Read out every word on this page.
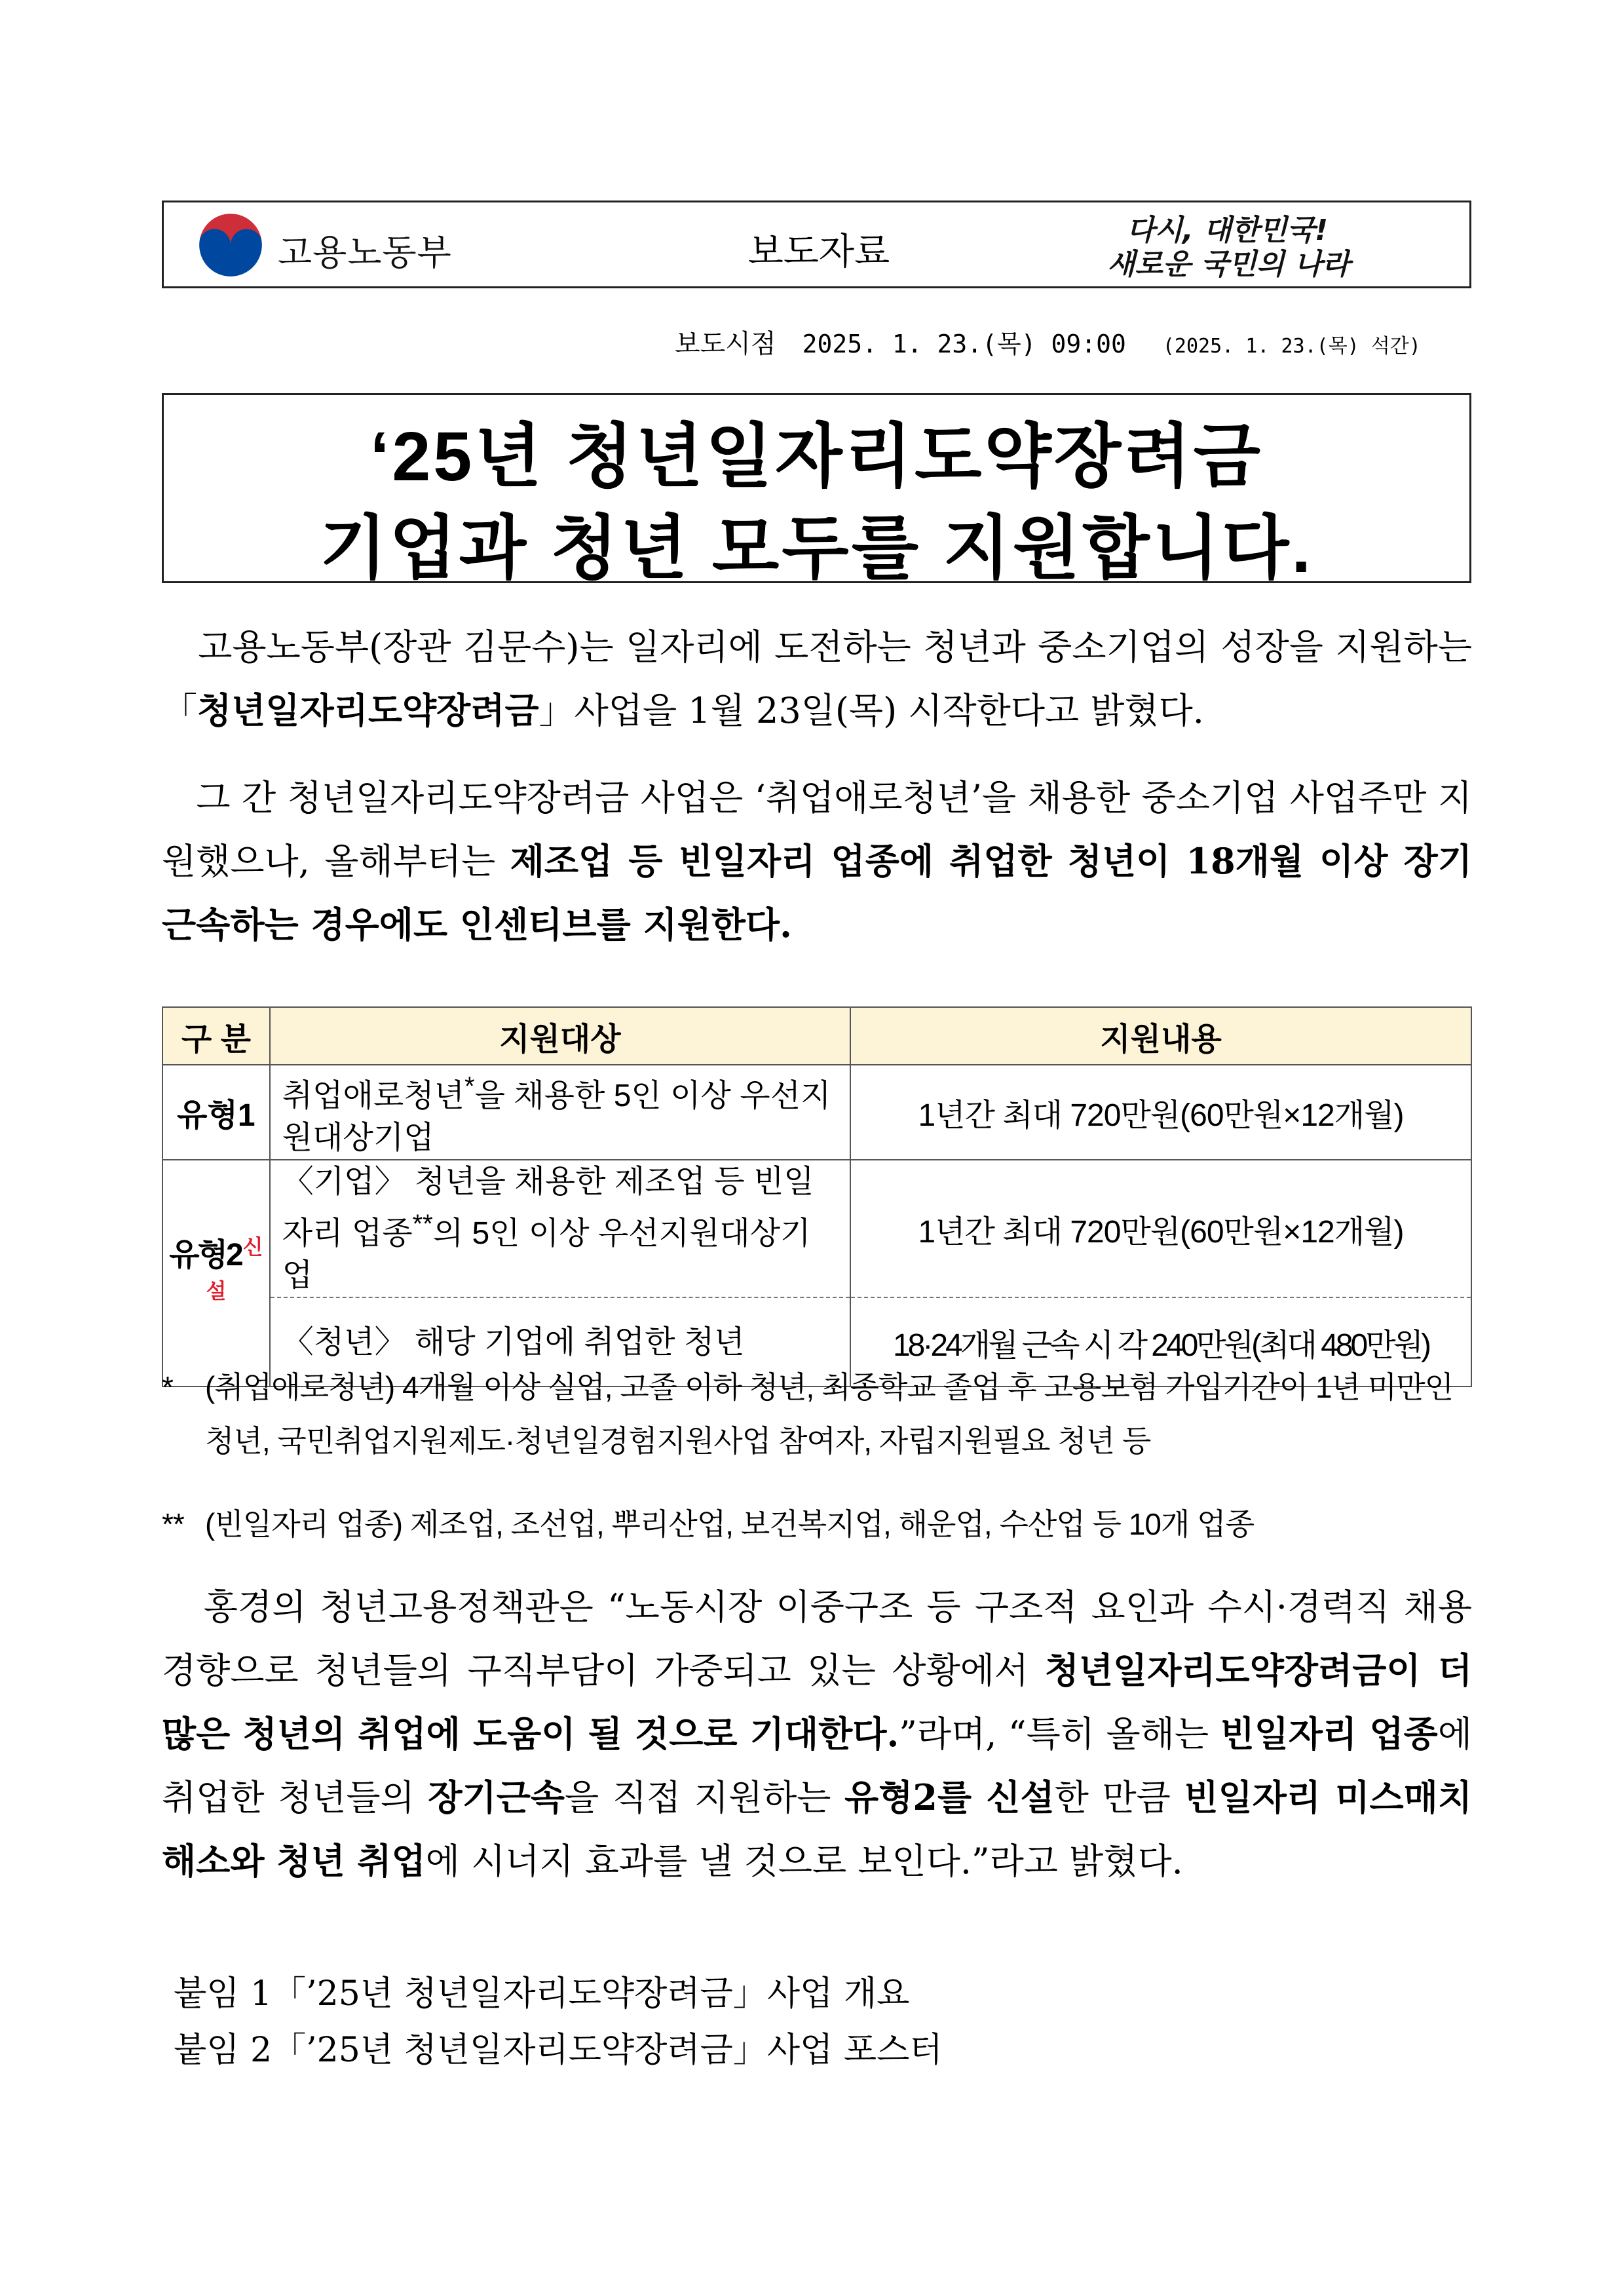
고용노동부	보도자료
다시, 대한민국!
새로운 국민의 나라
보도시점 2025. 1. 23.(목) 09:00 (2025. 1. 23.(목) 석간)
‘25년 청년일자리도약장려금
기업과 청년 모두를 지원합니다.
고용노동부(장관 김문수)는 일자리에 도전하는 청년과 중소기업의 성장을 지원하는「청년일자리도약장려금」사업을 1월 23일(목) 시작한다고 밝혔다.
그 간 청년일자리도약장려금 사업은 ‘취업애로청년’을 채용한 중소기업 사업주만 지원했으나, 올해부터는 제조업 등 빈일자리 업종에 취업한 청년이 18개월 이상 장기 근속하는 경우에도 인센티브를 지원한다.
구 분	지원대상	지원내용
유형1	취업애로청년*을 채용한 5인 이상 우선지원대상기업	1년간 최대 720만원(60만원×12개월)
유형$2^{신설}$	〈기업〉 청년을 채용한 제조업 등 빈일자리 업종**의 5인 이상 우선지원대상기업	1년간 최대 720만원(60만원×12개월)
	〈청년〉 해당 기업에 취업한 청년	18·24개월 근속 시 각 240만원(최대 480만원)
* (취업애로청년) 4개월 이상 실업, 고졸 이하 청년, 최종학교 졸업 후 고용보험 가입기간이 1년 미만인 청년, 국민취업지원제도·청년일경험지원사업 참여자, 자립지원필요 청년 등
** (빈일자리 업종) 제조업, 조선업, 뿌리산업, 보건복지업, 해운업, 수산업 등 10개 업종
홍경의 청년고용정책관은 “노동시장 이중구조 등 구조적 요인과 수시·경력직 채용 경향으로 청년들의 구직부담이 가중되고 있는 상황에서 청년일자리도약장려금이 더 많은 청년의 취업에 도움이 될 것으로 기대한다.”라며, “특히 올해는 빈일자리 업종에 취업한 청년들의 장기근속을 직접 지원하는 유형2를 신설한 만큼 빈일자리 미스매치 해소와 청년 취업에 시너지 효과를 낼 것으로 보인다.”라고 밝혔다.
붙임 1「’25년 청년일자리도약장려금」사업 개요
붙임 2「’25년 청년일자리도약장려금」사업 포스터
